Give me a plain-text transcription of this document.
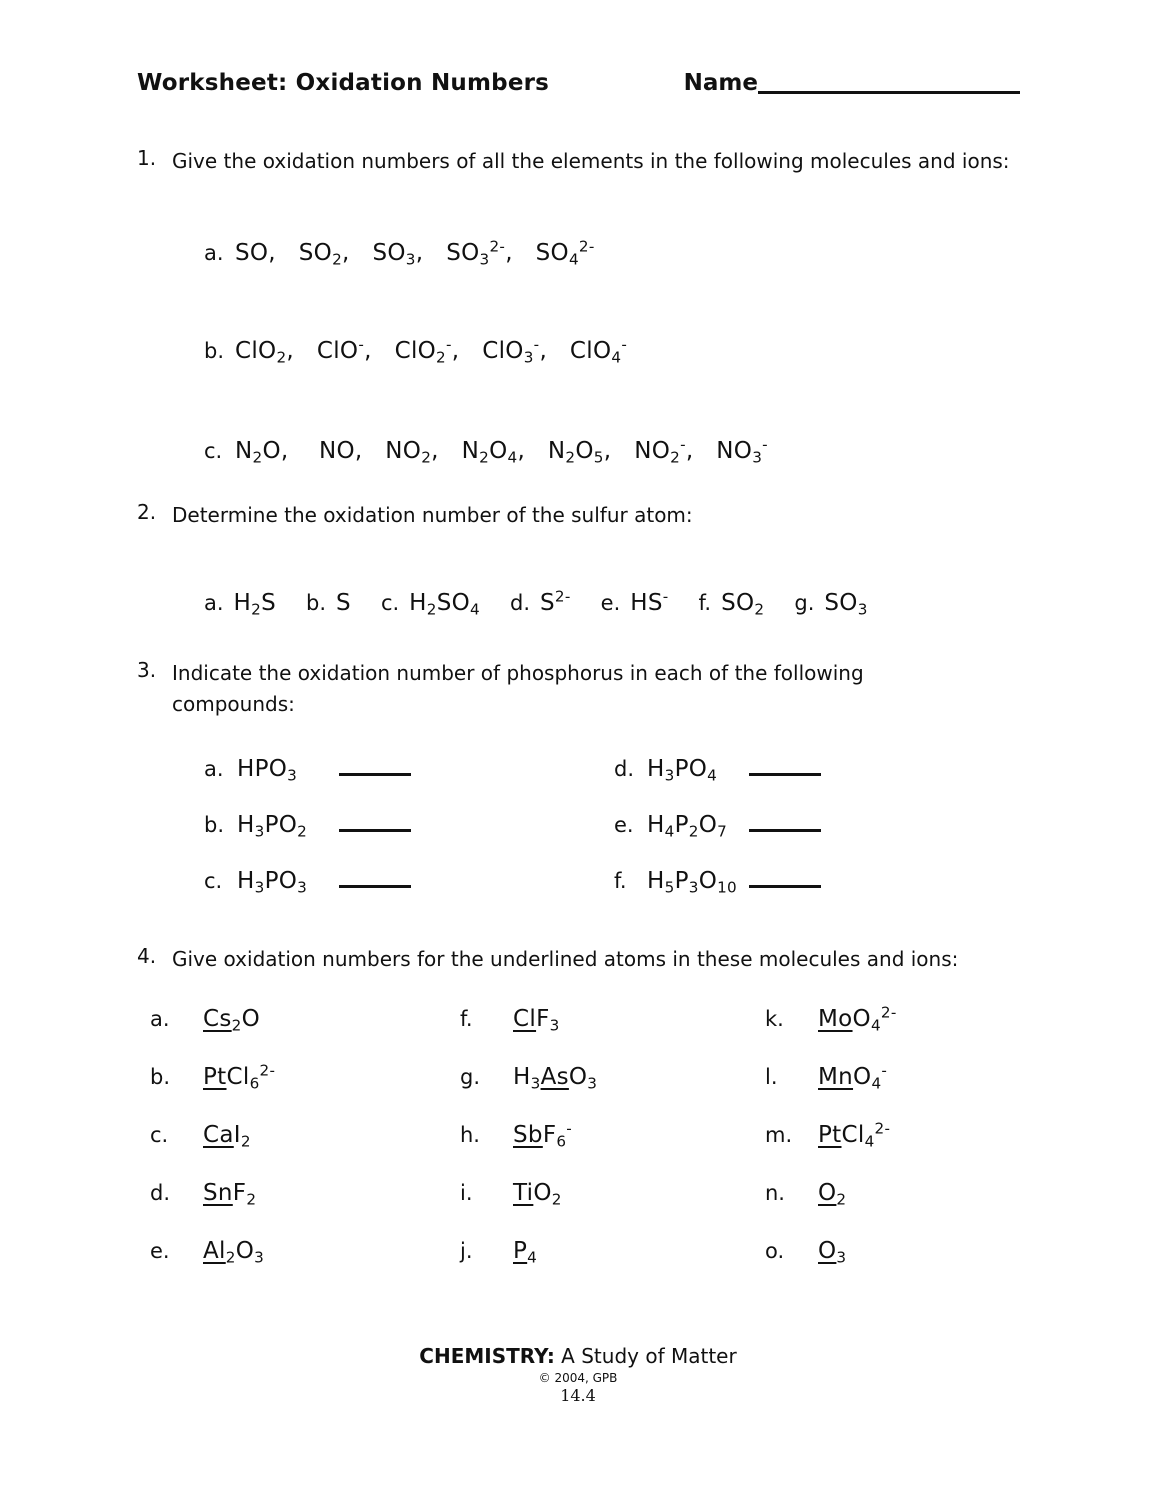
Worksheet: Oxidation Numbers	Name
1. Give the oxidation numbers of all the elements in the following molecules and ions:

a. SO,   $SO_2$,   $SO_3$,   $SO_3^{2-}$,   $SO_4^{2-}$
b. ClO$_2$,   ClO-,   ClO$_2$-,   ClO$_3$-,   ClO$_4$-
c. $N_2O$,    NO,   $NO_2$,   $N_2O_4$,   $N_2O_5$,   $NO_2^-$,   $NO_3^-$
2. Determine the oxidation number of the sulfur atom:

a. $H_2S$ b. S c. $H_2SO_4$ d. $S^{2-}$ e. HS- f. $SO_2$ g. $SO_3$
3. Indicate the oxidation number of phosphorus in each of the following compounds:

a. $HPO_3$	d. $H_3PO_4$
b. $H_3PO_2$	e. $H_4P_2O_7$
c. $H_3PO_3$	f. $H_5P_3O_{10}$
4. Give oxidation numbers for the underlined atoms in these molecules and ions:

a.	$Cs_2O$	f.	ClF$_3$	k.	MoO$_4^{2-}$
b.	PtCl$_6^{2-}$	g.	$H_3AsO_3$	l.	MnO$_4$-
c.	CaI$_2$	h.	SbF$_6$-	m.	PtCl$_4^{2-}$
d.	SnF$_2$	i.	TiO$_2$	n.	$O_2$
e.	$Al_2O_3$	j.	$P_4$	o.	$O_3$
CHEMISTRY: A Study of Matter
© 2004, GPB
14.4
